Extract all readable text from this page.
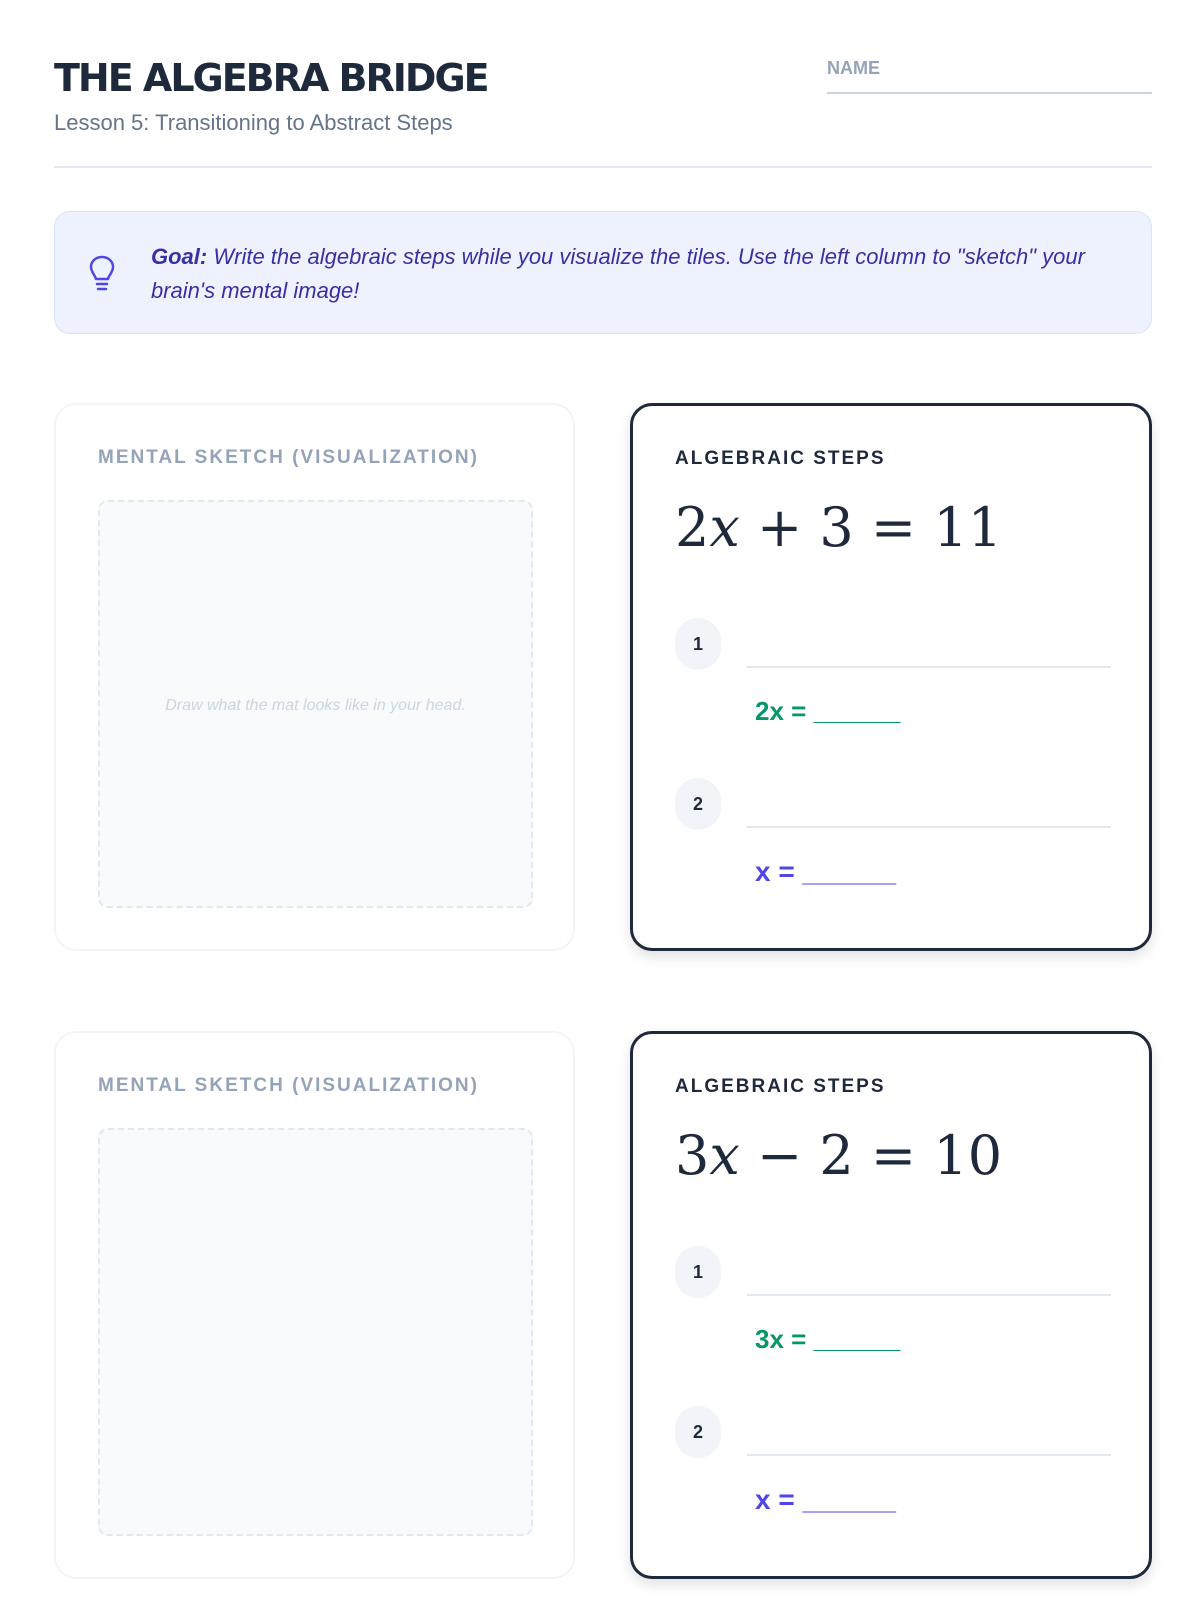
THE ALGEBRA BRIDGE
Lesson 5: Transitioning to Abstract Steps
NAME
Goal: Write the algebraic steps while you visualize the tiles. Use the left column to "sketch" your brain's mental image!
MENTAL SKETCH (VISUALIZATION)
Draw what the mat looks like in your head.
ALGEBRAIC STEPS
2x + 3 = 11
1
2x = ______
2
x = ______
MENTAL SKETCH (VISUALIZATION)	ALGEBRAIC STEPS
3x − 2 = 10
1
3x = ______
2
x = ______
